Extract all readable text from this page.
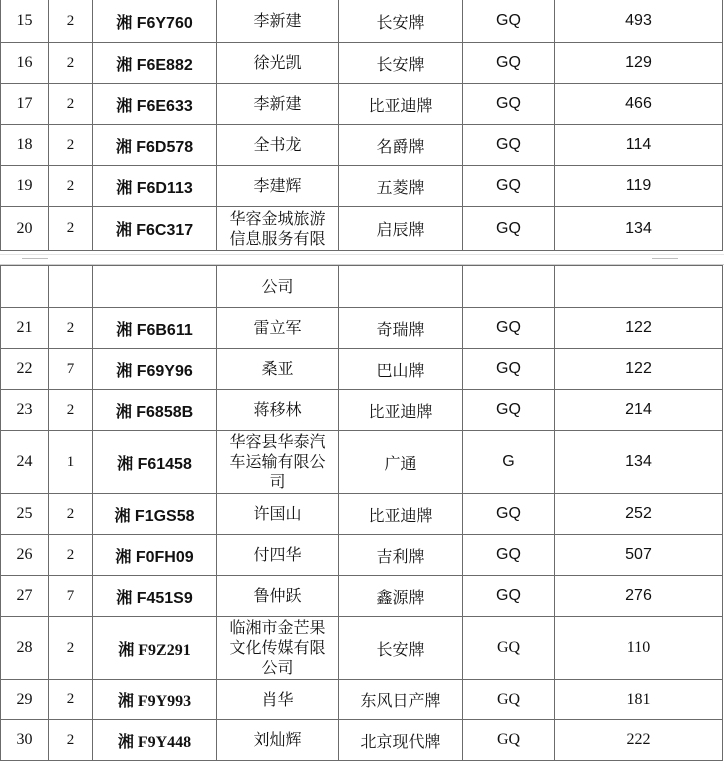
15	2	湘 F6Y760	李新建	长安牌	GQ	493
16	2	湘 F6E882	徐光凯	长安牌	GQ	129
17	2	湘 F6E633	李新建	比亚迪牌	GQ	466
18	2	湘 F6D578	全书龙	名爵牌	GQ	114
19	2	湘 F6D113	李建辉	五菱牌	GQ	119
20	2	湘 F6C317	华容金城旅游
信息服务有限	启辰牌	GQ	134

			公司			

21	2	湘 F6B611	雷立军	奇瑞牌	GQ	122
22	7	湘 F69Y96	桑亚	巴山牌	GQ	122
23	2	湘 F6858B	蒋移林	比亚迪牌	GQ	214
24	1	湘 F61458	华容县华泰汽
车运输有限公
司	广通	G	134
25	2	湘 F1GS58	许国山	比亚迪牌	GQ	252
26	2	湘 F0FH09	付四华	吉利牌	GQ	507
27	7	湘 F451S9	鲁仲跃	鑫源牌	GQ	276
28	2	湘 F9Z291	临湘市金芒果
文化传媒有限
公司	长安牌	GQ	110
29	2	湘 F9Y993	肖华	东风日产牌	GQ	181
30	2	湘 F9Y448	刘灿辉	北京现代牌	GQ	222
